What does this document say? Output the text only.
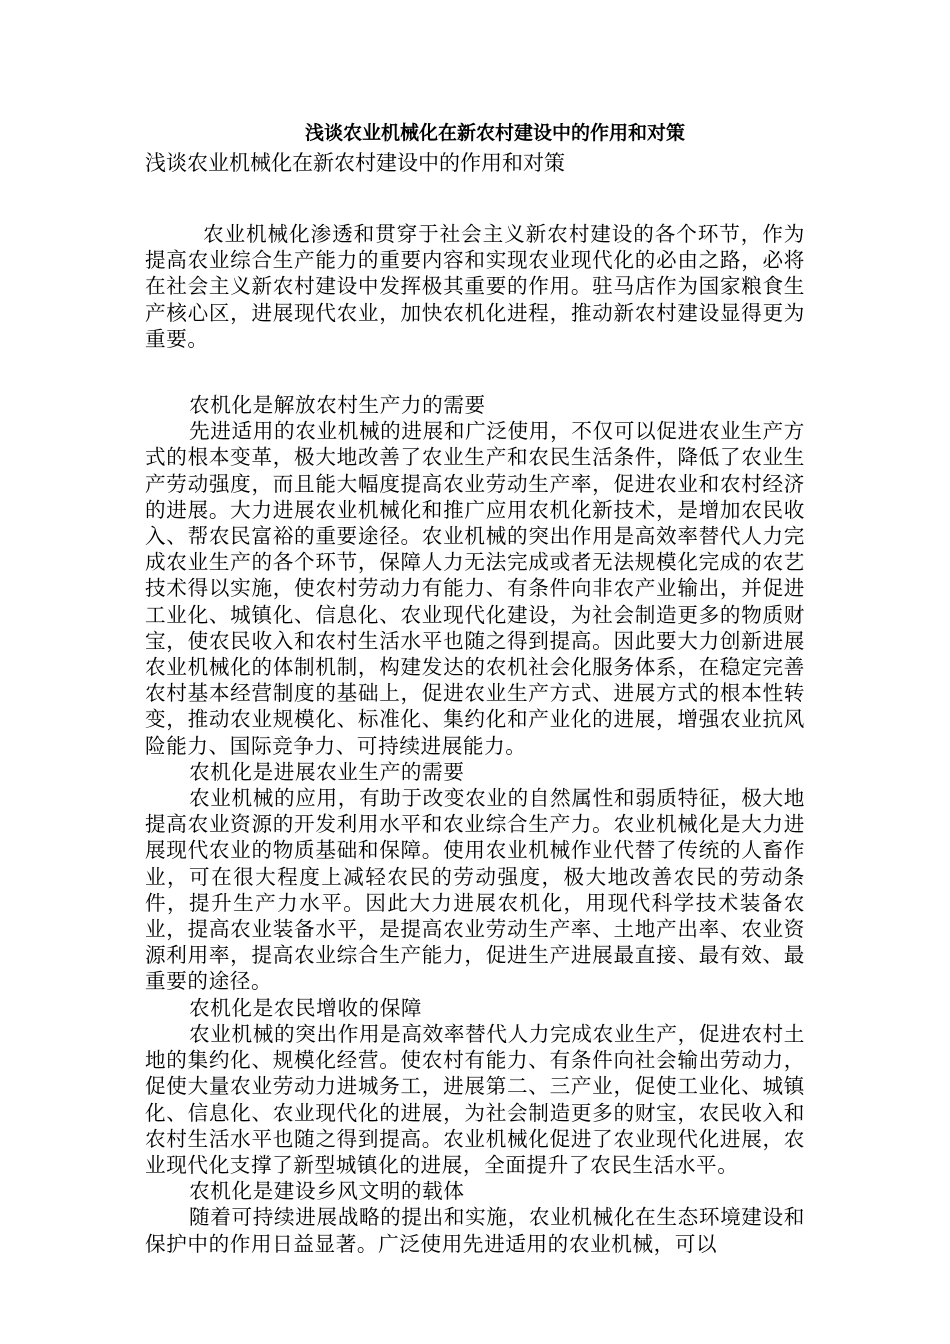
浅谈农业机械化在新农村建设中的作用和对策

浅谈农业机械化在新农村建设中的作用和对策

农业机械化渗透和贯穿于社会主义新农村建设的各个环节，作为提高农业综合生产能力的重要内容和实现农业现代化的必由之路，必将在社会主义新农村建设中发挥极其重要的作用。驻马店作为国家粮食生产核心区，进展现代农业，加快农机化进程，推动新农村建设显得更为重要。

农机化是解放农村生产力的需要

先进适用的农业机械的进展和广泛使用，不仅可以促进农业生产方式的根本变革，极大地改善了农业生产和农民生活条件，降低了农业生产劳动强度，而且能大幅度提高农业劳动生产率，促进农业和农村经济的进展。大力进展农业机械化和推广应用农机化新技术，是增加农民收入、帮农民富裕的重要途径。农业机械的突出作用是高效率替代人力完成农业生产的各个环节，保障人力无法完成或者无法规模化完成的农艺技术得以实施，使农村劳动力有能力、有条件向非农产业输出，并促进工业化、城镇化、信息化、农业现代化建设，为社会制造更多的物质财宝，使农民收入和农村生活水平也随之得到提高。因此要大力创新进展农业机械化的体制机制，构建发达的农机社会化服务体系，在稳定完善农村基本经营制度的基础上，促进农业生产方式、进展方式的根本性转变，推动农业规模化、标准化、集约化和产业化的进展，增强农业抗风险能力、国际竞争力、可持续进展能力。

农机化是进展农业生产的需要

农业机械的应用，有助于改变农业的自然属性和弱质特征，极大地提高农业资源的开发利用水平和农业综合生产力。农业机械化是大力进展现代农业的物质基础和保障。使用农业机械作业代替了传统的人畜作业，可在很大程度上减轻农民的劳动强度，极大地改善农民的劳动条件，提升生产力水平。因此大力进展农机化，用现代科学技术装备农业，提高农业装备水平，是提高农业劳动生产率、土地产出率、农业资源利用率，提高农业综合生产能力，促进生产进展最直接、最有效、最重要的途径。

农机化是农民增收的保障

农业机械的突出作用是高效率替代人力完成农业生产，促进农村土地的集约化、规模化经营。使农村有能力、有条件向社会输出劳动力，促使大量农业劳动力进城务工，进展第二、三产业，促使工业化、城镇化、信息化、农业现代化的进展，为社会制造更多的财宝，农民收入和农村生活水平也随之得到提高。农业机械化促进了农业现代化进展，农业现代化支撑了新型城镇化的进展，全面提升了农民生活水平。

农机化是建设乡风文明的载体

随着可持续进展战略的提出和实施，农业机械化在生态环境建设和保护中的作用日益显著。广泛使用先进适用的农业机械，可以
